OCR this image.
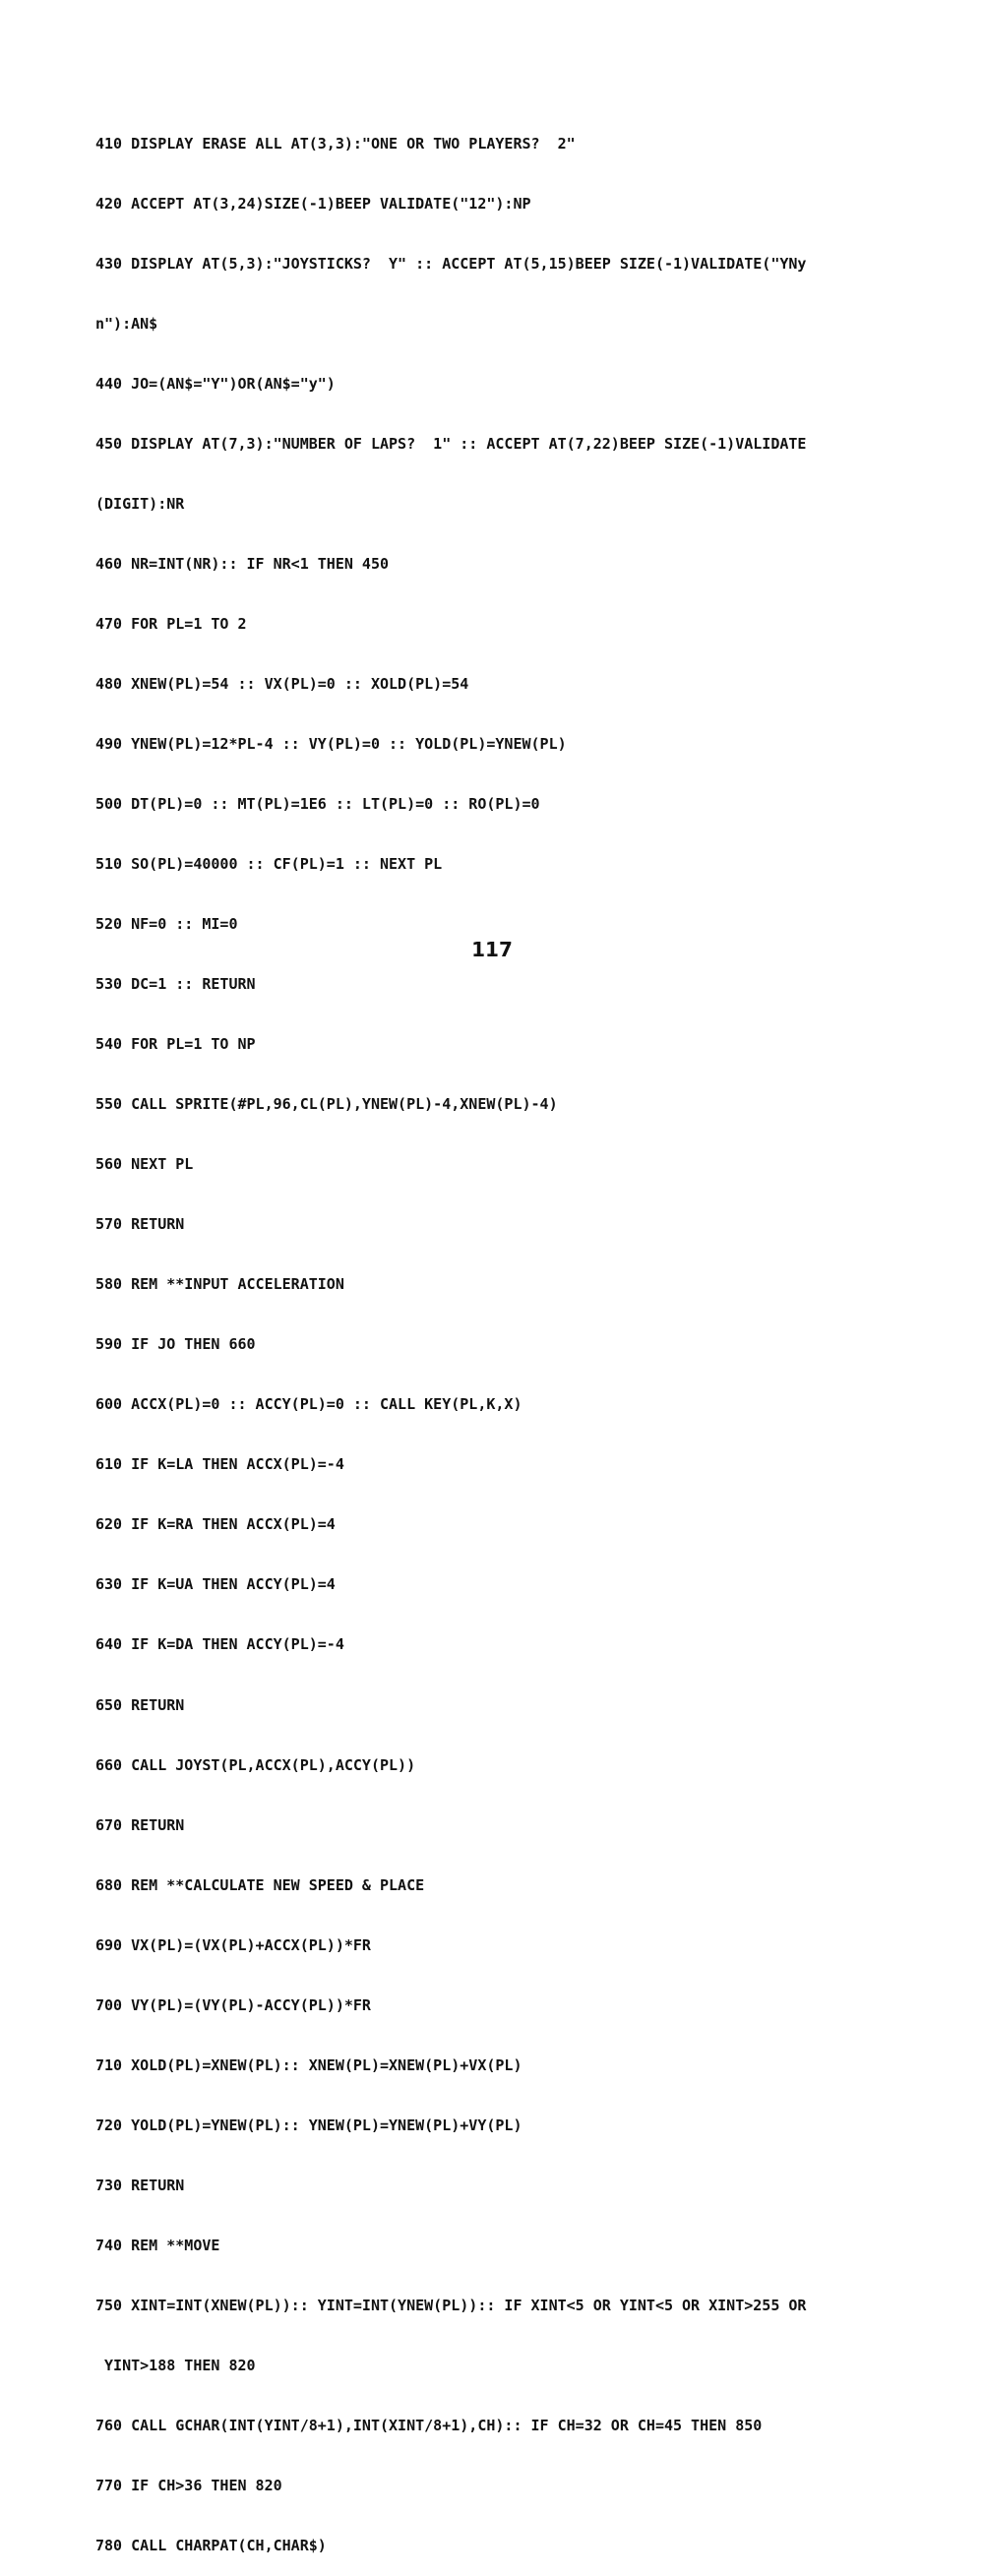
410 DISPLAY ERASE ALL AT(3,3):"ONE OR TWO PLAYERS?  2"

420 ACCEPT AT(3,24)SIZE(-1)BEEP VALIDATE("12"):NP

430 DISPLAY AT(5,3):"JOYSTICKS?  Y" :: ACCEPT AT(5,15)BEEP SIZE(-1)VALIDATE("YNy

n"):AN$

440 JO=(AN$="Y")OR(AN$="y")

450 DISPLAY AT(7,3):"NUMBER OF LAPS?  1" :: ACCEPT AT(7,22)BEEP SIZE(-1)VALIDATE

(DIGIT):NR

460 NR=INT(NR):: IF NR<1 THEN 450

470 FOR PL=1 TO 2

480 XNEW(PL)=54 :: VX(PL)=0 :: XOLD(PL)=54

490 YNEW(PL)=12*PL-4 :: VY(PL)=0 :: YOLD(PL)=YNEW(PL)

500 DT(PL)=0 :: MT(PL)=1E6 :: LT(PL)=0 :: RO(PL)=0

510 SO(PL)=40000 :: CF(PL)=1 :: NEXT PL

520 NF=0 :: MI=0

530 DC=1 :: RETURN

540 FOR PL=1 TO NP

550 CALL SPRITE(#PL,96,CL(PL),YNEW(PL)-4,XNEW(PL)-4)

560 NEXT PL

570 RETURN

580 REM **INPUT ACCELERATION

590 IF JO THEN 660

600 ACCX(PL)=0 :: ACCY(PL)=0 :: CALL KEY(PL,K,X)

610 IF K=LA THEN ACCX(PL)=-4

620 IF K=RA THEN ACCX(PL)=4

630 IF K=UA THEN ACCY(PL)=4

640 IF K=DA THEN ACCY(PL)=-4

650 RETURN

660 CALL JOYST(PL,ACCX(PL),ACCY(PL))

670 RETURN

680 REM **CALCULATE NEW SPEED & PLACE

690 VX(PL)=(VX(PL)+ACCX(PL))*FR

700 VY(PL)=(VY(PL)-ACCY(PL))*FR

710 XOLD(PL)=XNEW(PL):: XNEW(PL)=XNEW(PL)+VX(PL)

720 YOLD(PL)=YNEW(PL):: YNEW(PL)=YNEW(PL)+VY(PL)

730 RETURN

740 REM **MOVE

750 XINT=INT(XNEW(PL)):: YINT=INT(YNEW(PL)):: IF XINT<5 OR YINT<5 OR XINT>255 OR

YINT>188 THEN 820

760 CALL GCHAR(INT(YINT/8+1),INT(XINT/8+1),CH):: IF CH=32 OR CH=45 THEN 850

770 IF CH>36 THEN 820

780 CALL CHARPAT(CH,CHAR$)

117
